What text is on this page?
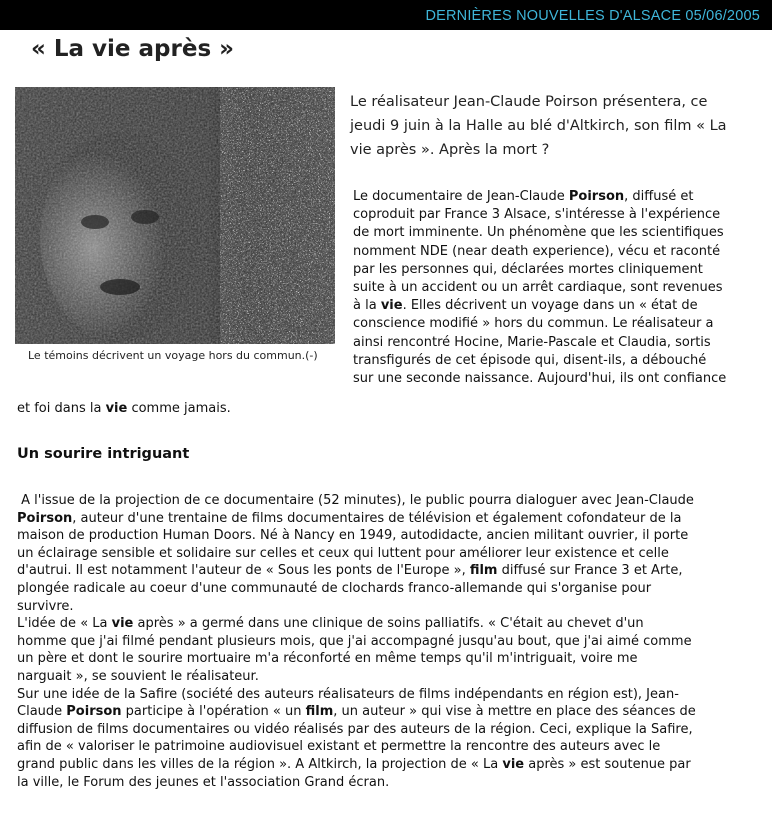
DERNIÈRES NOUVELLES D'ALSACE 05/06/2005
« La vie après »

Le témoins décrivent un voyage hors du commun.(-)

Le réalisateur Jean-Claude Poirson présentera, ce
jeudi 9 juin à la Halle au blé d'Altkirch, son film « La
vie après ». Après la mort ?

Le documentaire de Jean-Claude Poirson, diffusé et
coproduit par France 3 Alsace, s'intéresse à l'expérience
de mort imminente. Un phénomène que les scientifiques
nomment NDE (near death experience), vécu et raconté
par les personnes qui, déclarées mortes cliniquement
suite à un accident ou un arrêt cardiaque, sont revenues
à la vie. Elles décrivent un voyage dans un « état de
conscience modifié » hors du commun. Le réalisateur a
ainsi rencontré Hocine, Marie-Pascale et Claudia, sortis
transfigurés de cet épisode qui, disent-ils, a débouché
sur une seconde naissance. Aujourd'hui, ils ont confiance

et foi dans la vie comme jamais.

Un sourire intriguant

A l'issue de la projection de ce documentaire (52 minutes), le public pourra dialoguer avec Jean-Claude
Poirson, auteur d'une trentaine de films documentaires de télévision et également cofondateur de la
maison de production Human Doors. Né à Nancy en 1949, autodidacte, ancien militant ouvrier, il porte
un éclairage sensible et solidaire sur celles et ceux qui luttent pour améliorer leur existence et celle
d'autrui. Il est notamment l'auteur de « Sous les ponts de l'Europe », film diffusé sur France 3 et Arte,
plongée radicale au coeur d'une communauté de clochards franco-allemande qui s'organise pour
survivre.
L'idée de « La vie après » a germé dans une clinique de soins palliatifs. « C'était au chevet d'un
homme que j'ai filmé pendant plusieurs mois, que j'ai accompagné jusqu'au bout, que j'ai aimé comme
un père et dont le sourire mortuaire m'a réconforté en même temps qu'il m'intriguait, voire me
narguait », se souvient le réalisateur.
Sur une idée de la Safire (société des auteurs réalisateurs de films indépendants en région est), Jean-
Claude Poirson participe à l'opération « un film, un auteur » qui vise à mettre en place des séances de
diffusion de films documentaires ou vidéo réalisés par des auteurs de la région. Ceci, explique la Safire,
afin de « valoriser le patrimoine audiovisuel existant et permettre la rencontre des auteurs avec le
grand public dans les villes de la région ». A Altkirch, la projection de « La vie après » est soutenue par
la ville, le Forum des jeunes et l'association Grand écran.
